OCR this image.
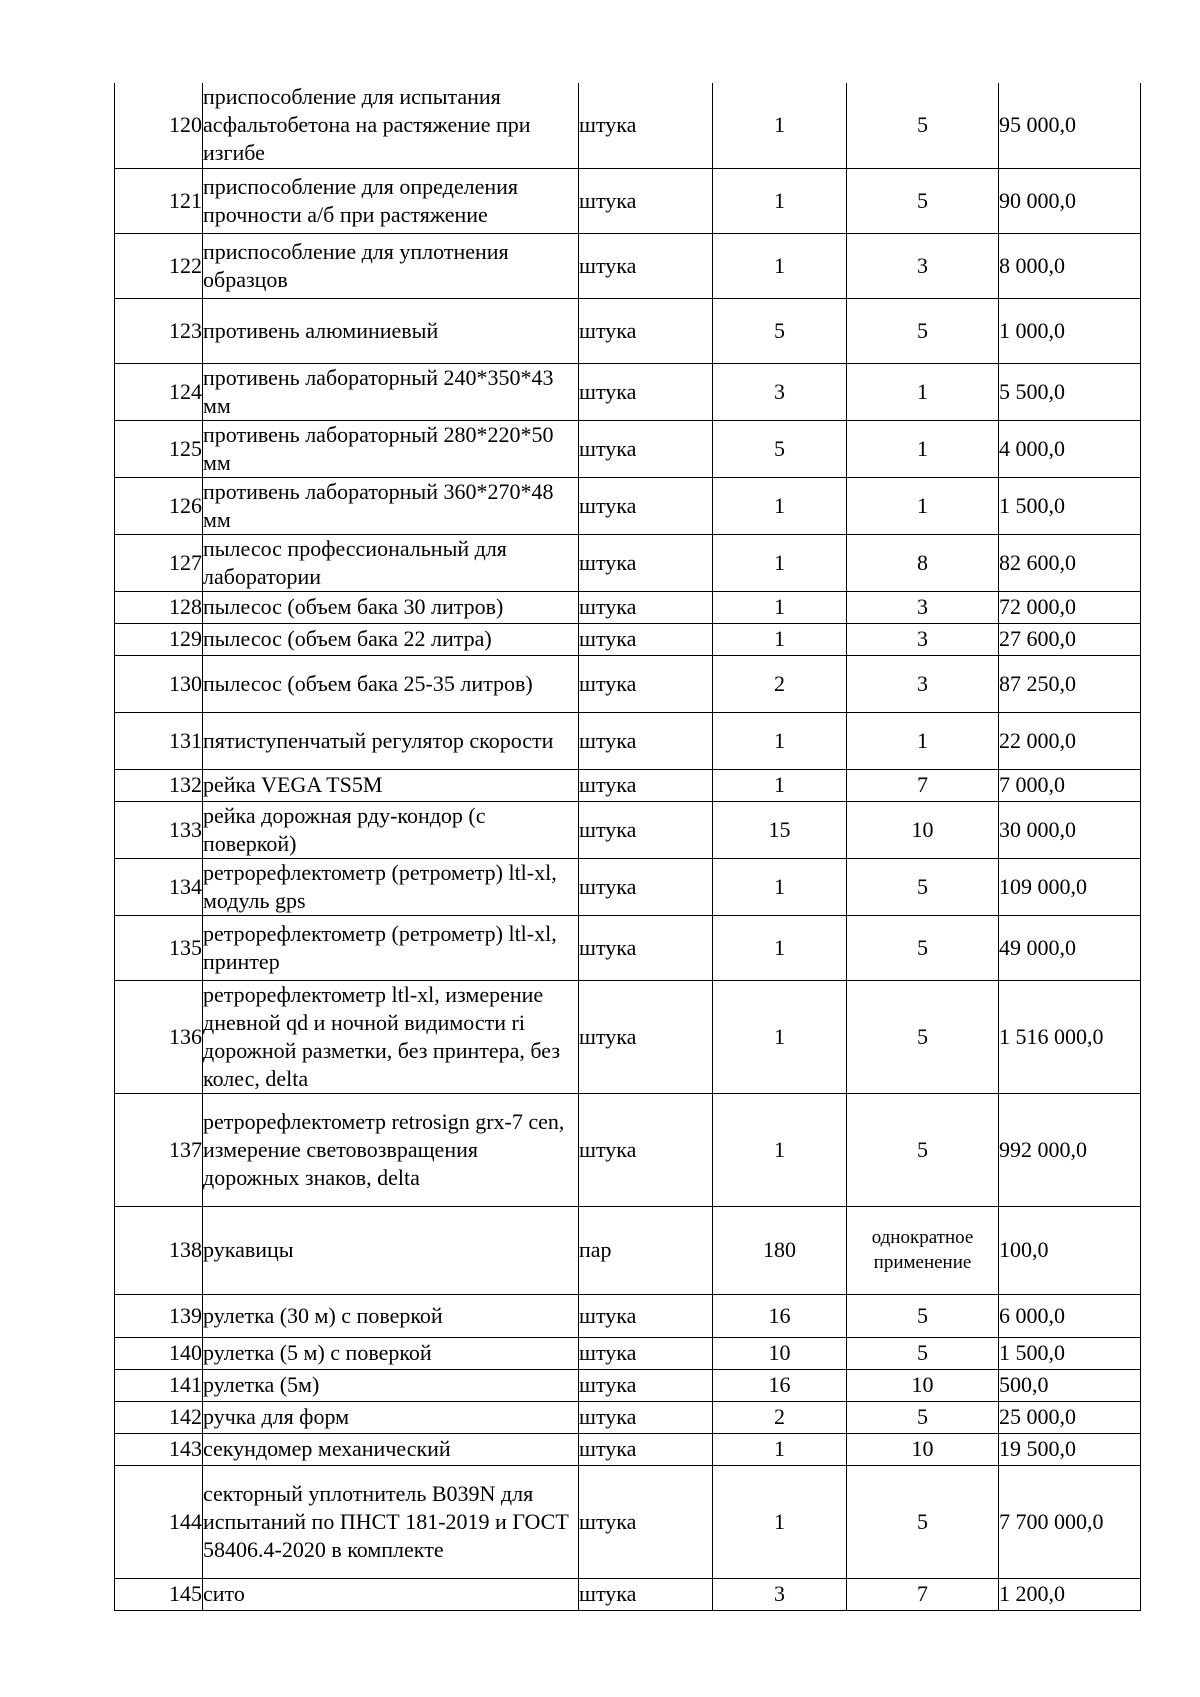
120	приспособление для испытания асфальтобетона на растяжение при изгибе	штука	1	5	95 000,0
121	приспособление для определения прочности а/б при растяжение	штука	1	5	90 000,0
122	приспособление для уплотнения образцов	штука	1	3	8 000,0
123	противень алюминиевый	штука	5	5	1 000,0
124	противень лабораторный 240*350*43 мм	штука	3	1	5 500,0
125	противень лабораторный 280*220*50 мм	штука	5	1	4 000,0
126	противень лабораторный 360*270*48 мм	штука	1	1	1 500,0
127	пылесос профессиональный для лаборатории	штука	1	8	82 600,0
128	пылесос (объем бака 30 литров)	штука	1	3	72 000,0
129	пылесос (объем бака 22 литра)	штука	1	3	27 600,0
130	пылесос (объем бака 25-35 литров)	штука	2	3	87 250,0
131	пятиступенчатый регулятор скорости	штука	1	1	22 000,0
132	рейка VEGA TS5M	штука	1	7	7 000,0
133	рейка дорожная рду-кондор (с поверкой)	штука	15	10	30 000,0
134	ретрорефлектометр (ретрометр) ltl-xl, модуль gps	штука	1	5	109 000,0
135	ретрорефлектометр (ретрометр) ltl-xl, принтер	штука	1	5	49 000,0
136	ретрорефлектометр ltl-xl, измерение дневной qd и ночной видимости ri дорожной разметки, без принтера, без колес, delta	штука	1	5	1 516 000,0
137	ретрорефлектометр retrosign grx-7 cen, измерение световозвращения дорожных знаков, delta	штука	1	5	992 000,0
138	рукавицы	пар	180	однократное применение	100,0
139	рулетка (30 м) с поверкой	штука	16	5	6 000,0
140	рулетка (5 м) с поверкой	штука	10	5	1 500,0
141	рулетка (5м)	штука	16	10	500,0
142	ручка для форм	штука	2	5	25 000,0
143	секундомер механический	штука	1	10	19 500,0
144	секторный уплотнитель B039N для испытаний по ПНСТ 181-2019 и ГОСТ 58406.4-2020 в комплекте	штука	1	5	7 700 000,0
145	сито	штука	3	7	1 200,0
